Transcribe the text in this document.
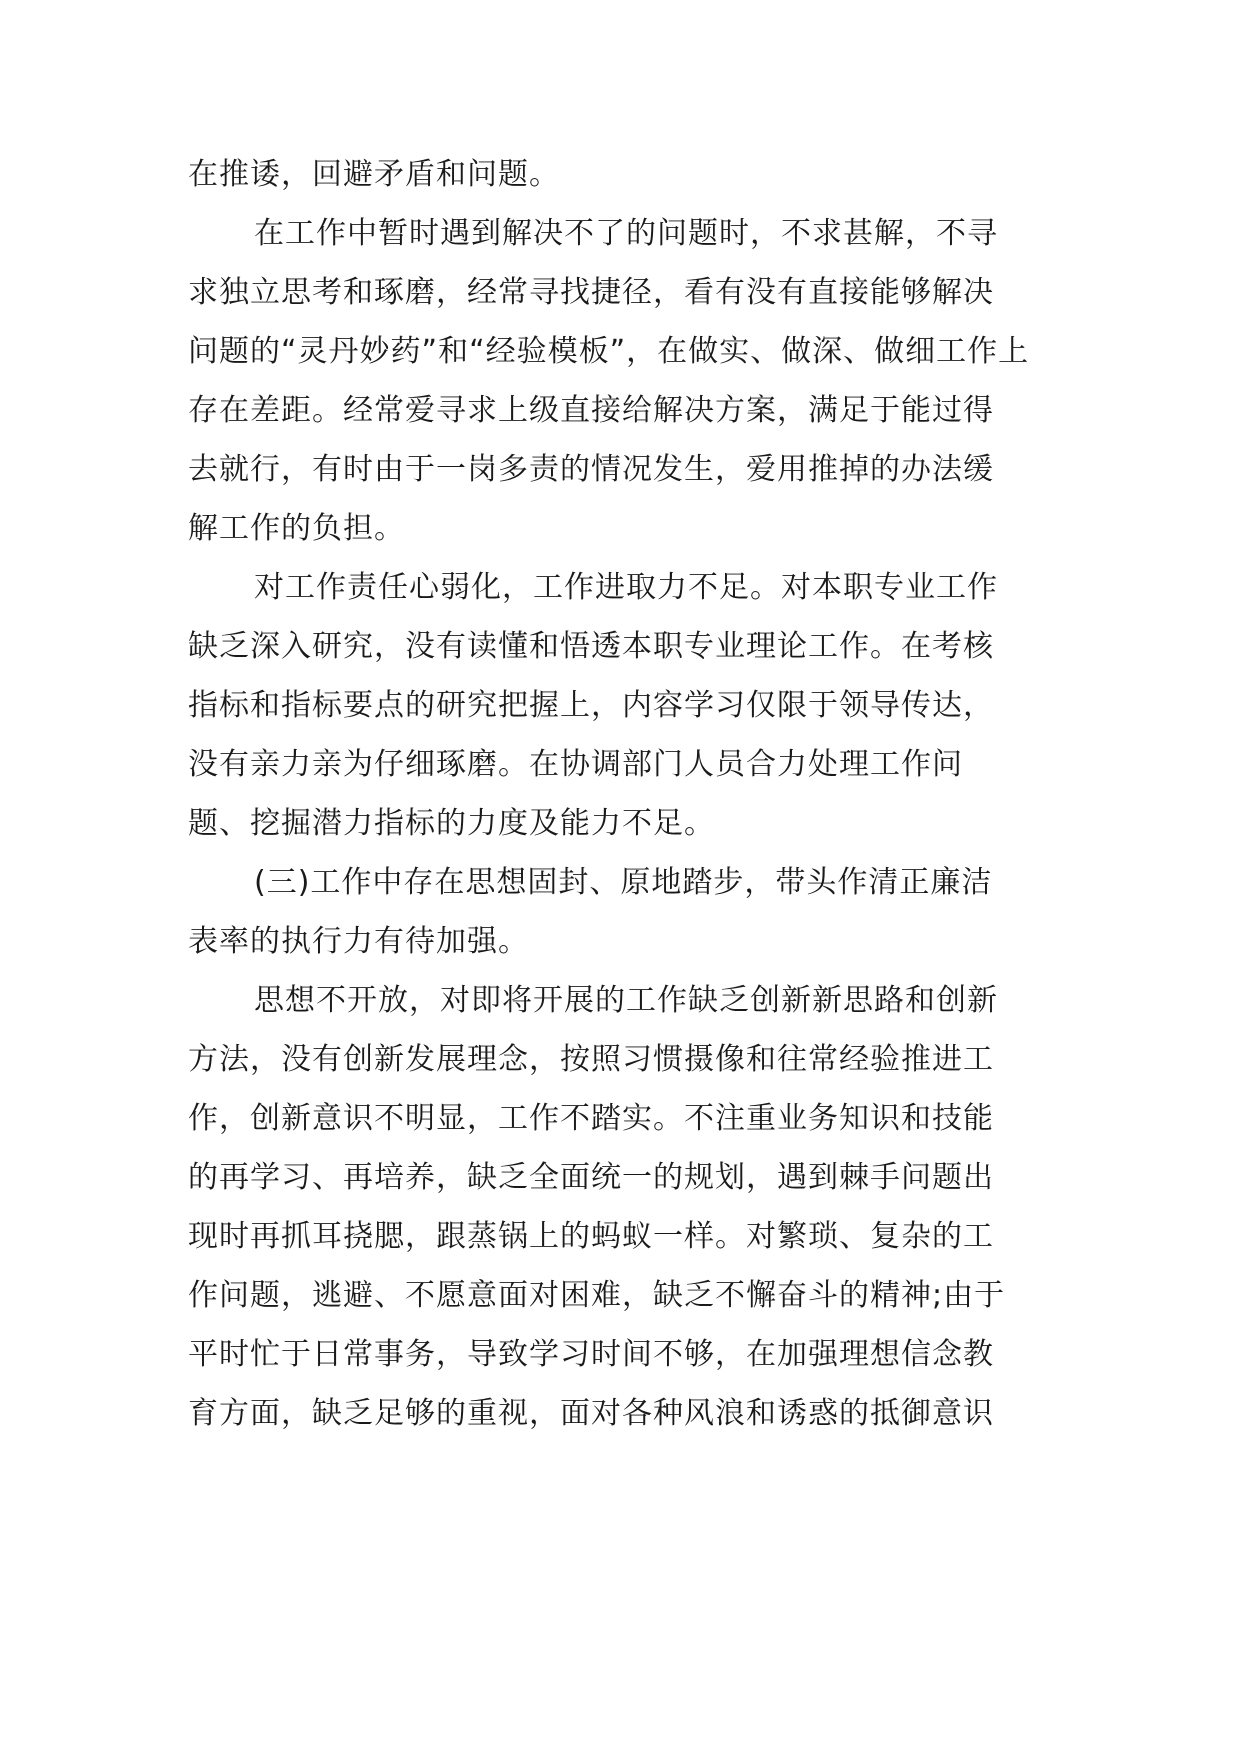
在推诿，回避矛盾和问题。
在工作中暂时遇到解决不了的问题时，不求甚解，不寻
求独立思考和琢磨，经常寻找捷径，看有没有直接能够解决
问题的“灵丹妙药”和“经验模板”，在做实、做深、做细工作上
存在差距。经常爱寻求上级直接给解决方案，满足于能过得
去就行，有时由于一岗多责的情况发生，爱用推掉的办法缓
解工作的负担。
对工作责任心弱化，工作进取力不足。对本职专业工作
缺乏深入研究，没有读懂和悟透本职专业理论工作。在考核
指标和指标要点的研究把握上，内容学习仅限于领导传达，
没有亲力亲为仔细琢磨。在协调部门人员合力处理工作问
题、挖掘潜力指标的力度及能力不足。
(三)工作中存在思想固封、原地踏步，带头作清正廉洁
表率的执行力有待加强。
思想不开放，对即将开展的工作缺乏创新新思路和创新
方法，没有创新发展理念，按照习惯摄像和往常经验推进工
作，创新意识不明显，工作不踏实。不注重业务知识和技能
的再学习、再培养，缺乏全面统一的规划，遇到棘手问题出
现时再抓耳挠腮，跟蒸锅上的蚂蚁一样。对繁琐、复杂的工
作问题，逃避、不愿意面对困难，缺乏不懈奋斗的精神;由于
平时忙于日常事务，导致学习时间不够，在加强理想信念教
育方面，缺乏足够的重视，面对各种风浪和诱惑的抵御意识
